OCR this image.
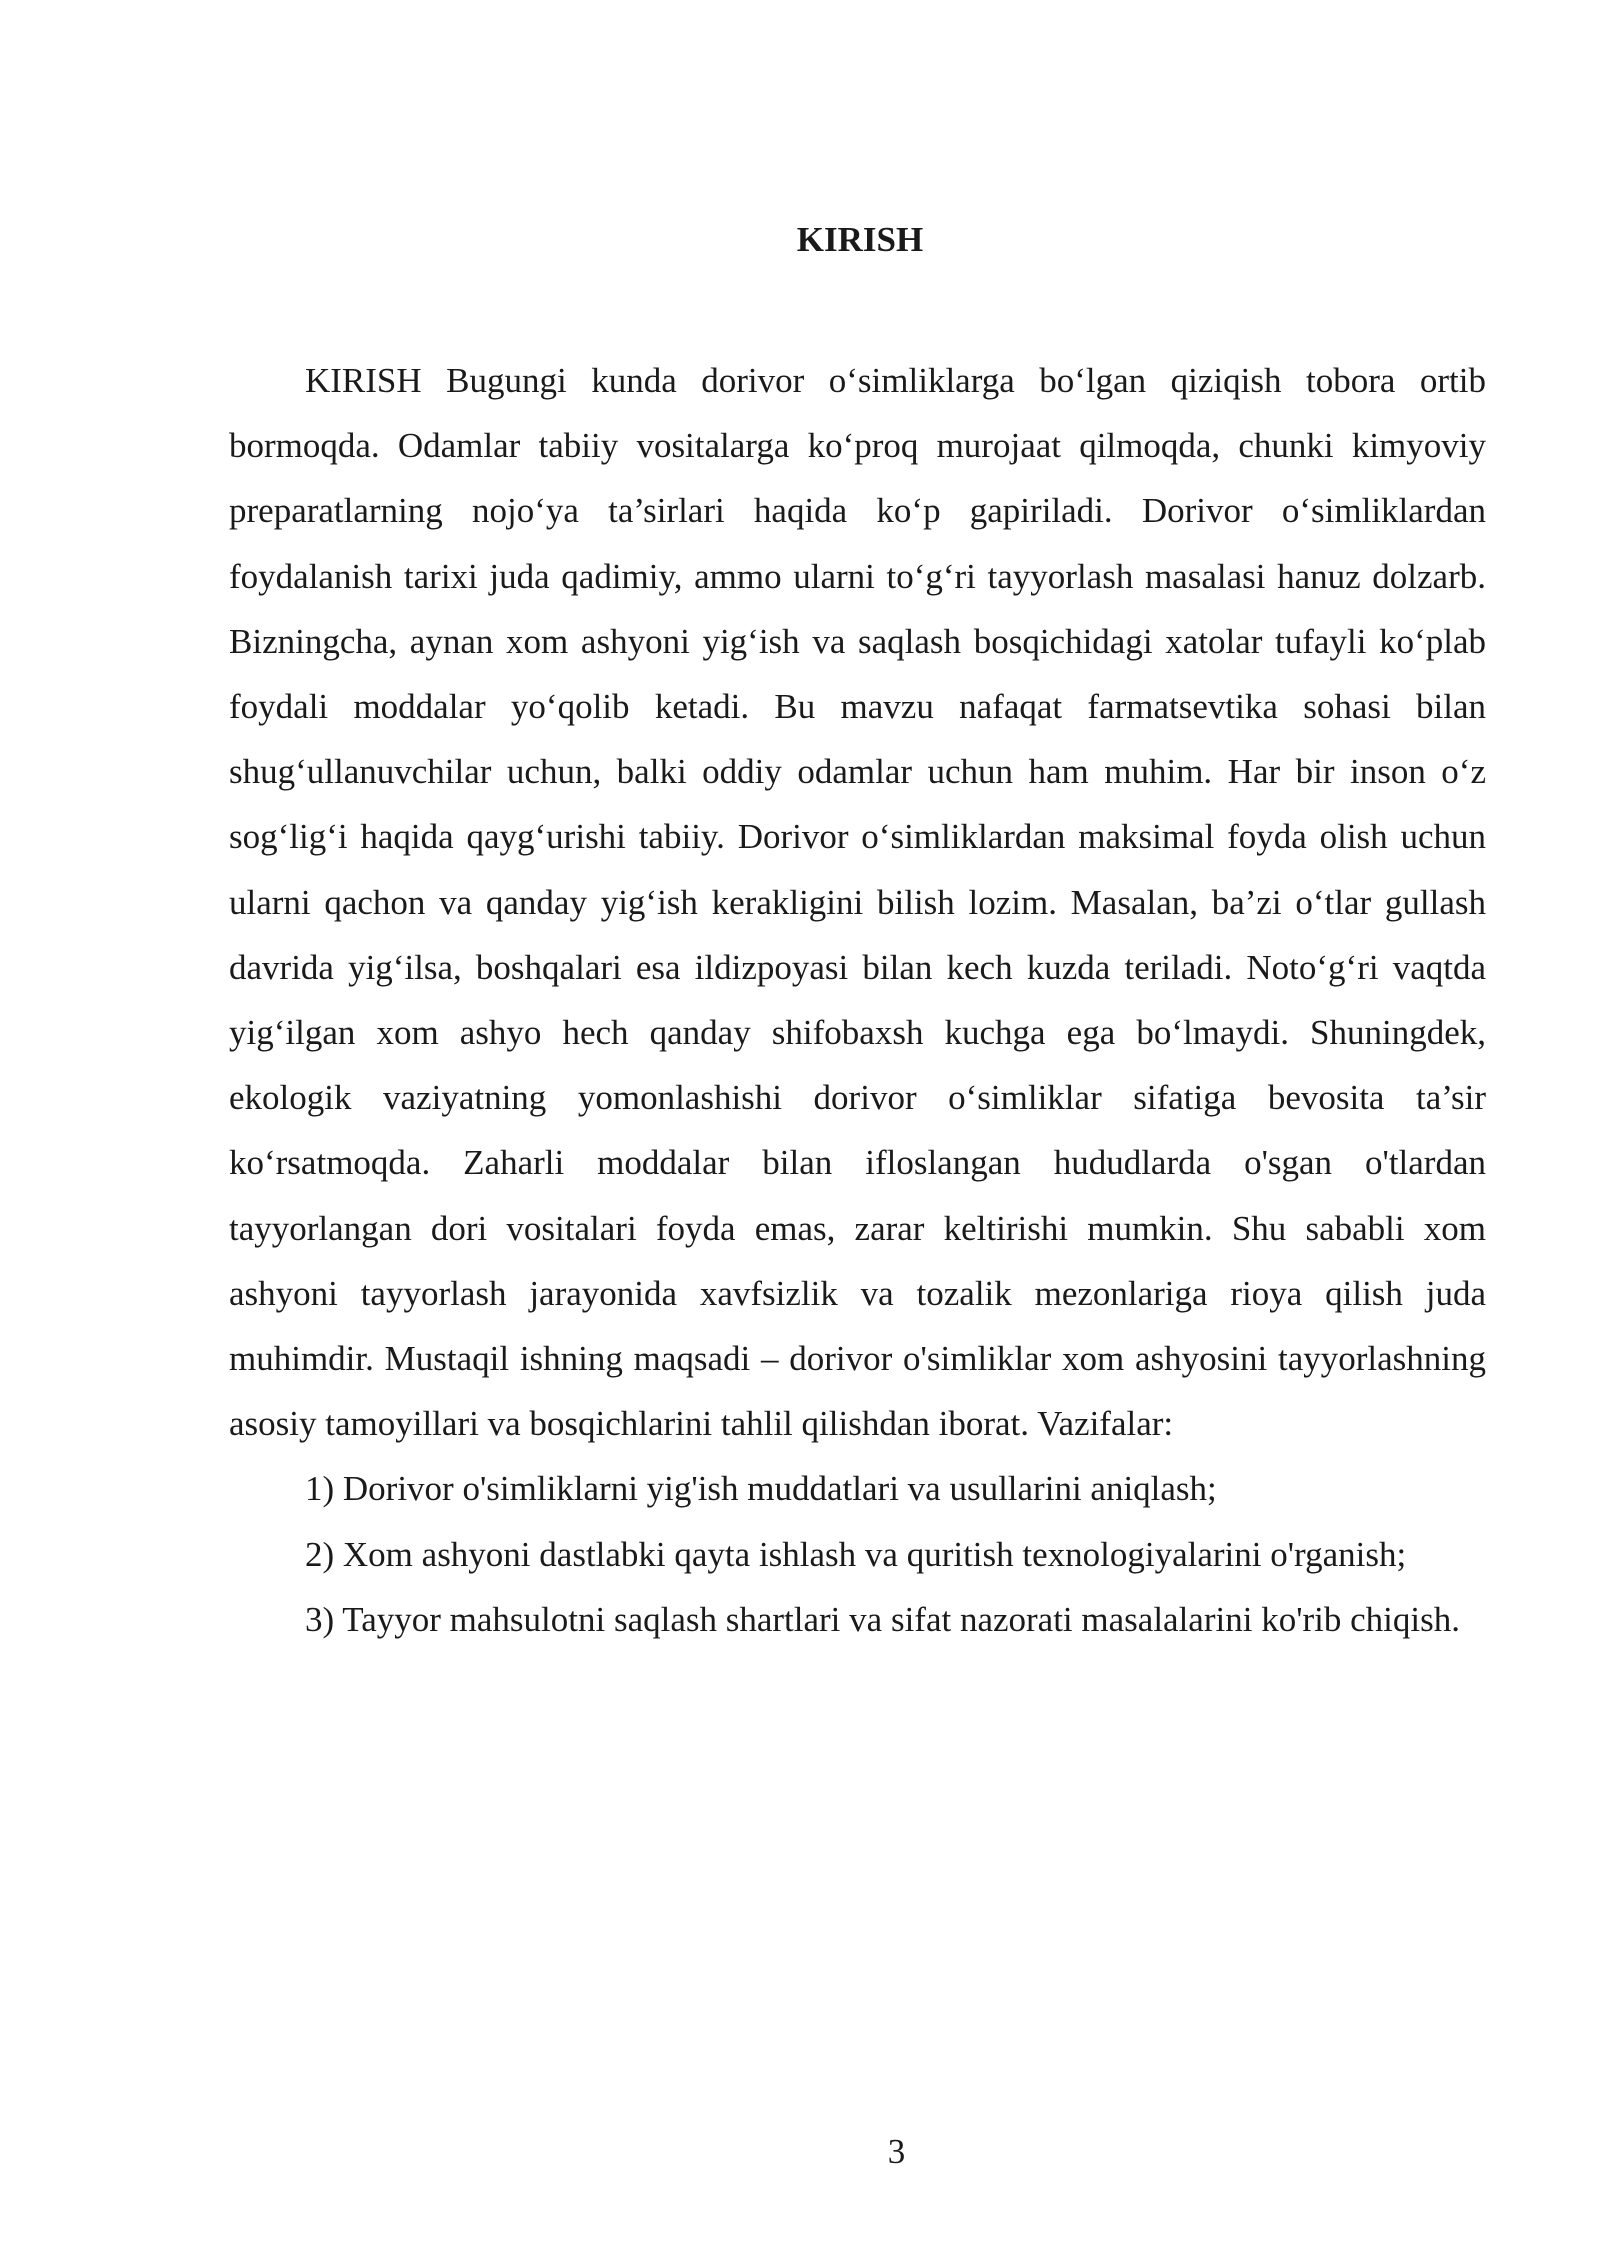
KIRISH

KIRISH Bugungi kunda dorivor o‘simliklarga bo‘lgan qiziqish tobora ortib bormoqda. Odamlar tabiiy vositalarga ko‘proq murojaat qilmoqda, chunki kimyoviy preparatlarning nojo‘ya ta’sirlari haqida ko‘p gapiriladi. Dorivor o‘simliklardan foydalanish tarixi juda qadimiy, ammo ularni to‘g‘ri tayyorlash masalasi hanuz dolzarb. Bizningcha, aynan xom ashyoni yig‘ish va saqlash bosqichidagi xatolar tufayli ko‘plab foydali moddalar yo‘qolib ketadi. Bu mavzu nafaqat farmatsevtika sohasi bilan shug‘ullanuvchilar uchun, balki oddiy odamlar uchun ham muhim. Har bir inson o‘z sog‘lig‘i haqida qayg‘urishi tabiiy. Dorivor o‘simliklardan maksimal foyda olish uchun ularni qachon va qanday yig‘ish kerakligini bilish lozim. Masalan, ba’zi o‘tlar gullash davrida yig‘ilsa, boshqalari esa ildizpoyasi bilan kech kuzda teriladi. Noto‘g‘ri vaqtda yig‘ilgan xom ashyo hech qanday shifobaxsh kuchga ega bo‘lmaydi. Shuningdek, ekologik vaziyatning yomonlashishi dorivor o‘simliklar sifatiga bevosita ta’sir ko‘rsatmoqda. Zaharli moddalar bilan ifloslangan hududlarda o'sgan o'tlardan tayyorlangan dori vositalari foyda emas, zarar keltirishi mumkin. Shu sababli xom ashyoni tayyorlash jarayonida xavfsizlik va tozalik mezonlariga rioya qilish juda muhimdir. Mustaqil ishning maqsadi – dorivor o'simliklar xom ashyosini tayyorlashning asosiy tamoyillari va bosqichlarini tahlil qilishdan iborat. Vazifalar:

1) Dorivor o'simliklarni yig'ish muddatlari va usullarini aniqlash;

2) Xom ashyoni dastlabki qayta ishlash va quritish texnologiyalarini o'rganish;

3) Tayyor mahsulotni saqlash shartlari va sifat nazorati masalalarini ko'rib chiqish.

3
